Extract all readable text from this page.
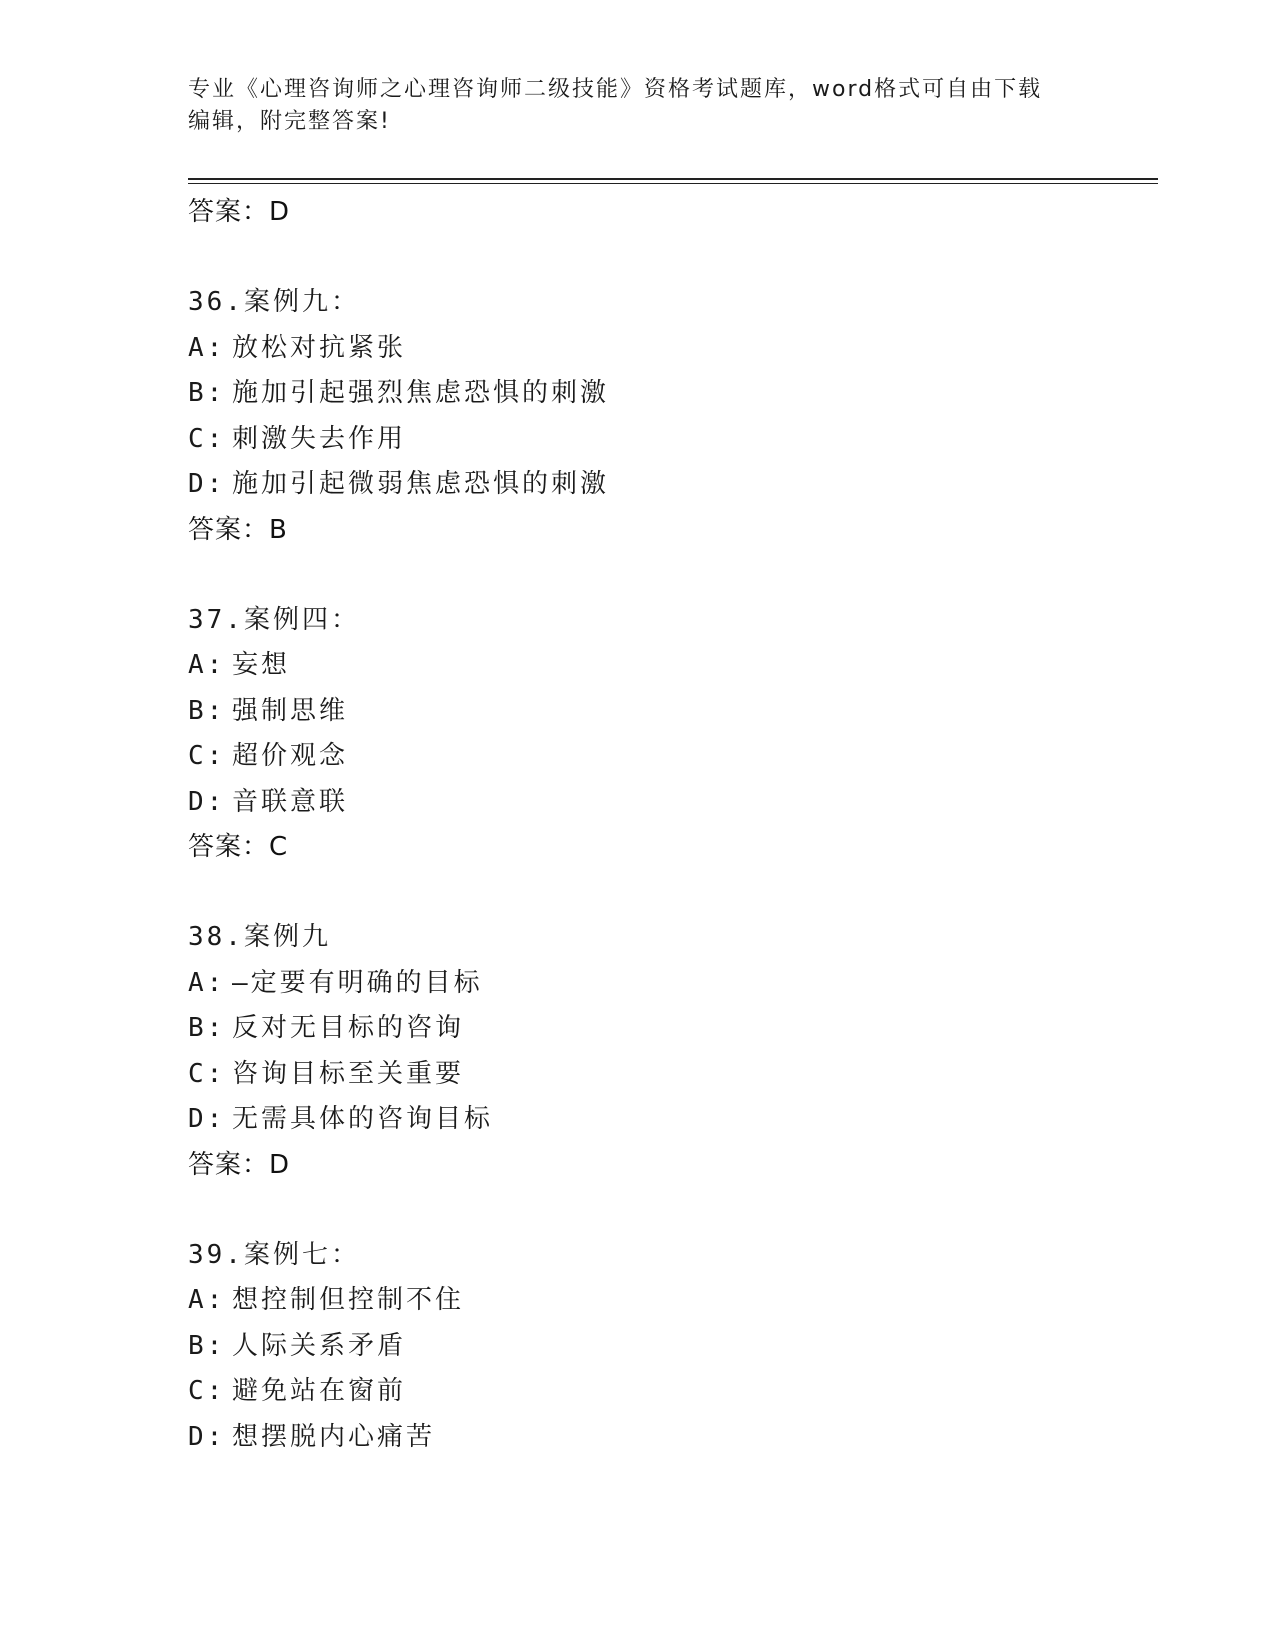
专业《心理咨询师之心理咨询师二级技能》资格考试题库，word格式可自由下载
编辑，附完整答案!
答案：D
36.案例九：
A: 放松对抗紧张
B: 施加引起强烈焦虑恐惧的刺激
C: 刺激失去作用
D: 施加引起微弱焦虑恐惧的刺激
答案：B
37.案例四：
A: 妄想
B: 强制思维
C: 超价观念
D: 音联意联
答案：C
38.案例九
A: —定要有明确的目标
B: 反对无目标的咨询
C: 咨询目标至关重要
D: 无需具体的咨询目标
答案：D
39.案例七：
A: 想控制但控制不住
B: 人际关系矛盾
C: 避免站在窗前
D: 想摆脱内心痛苦
